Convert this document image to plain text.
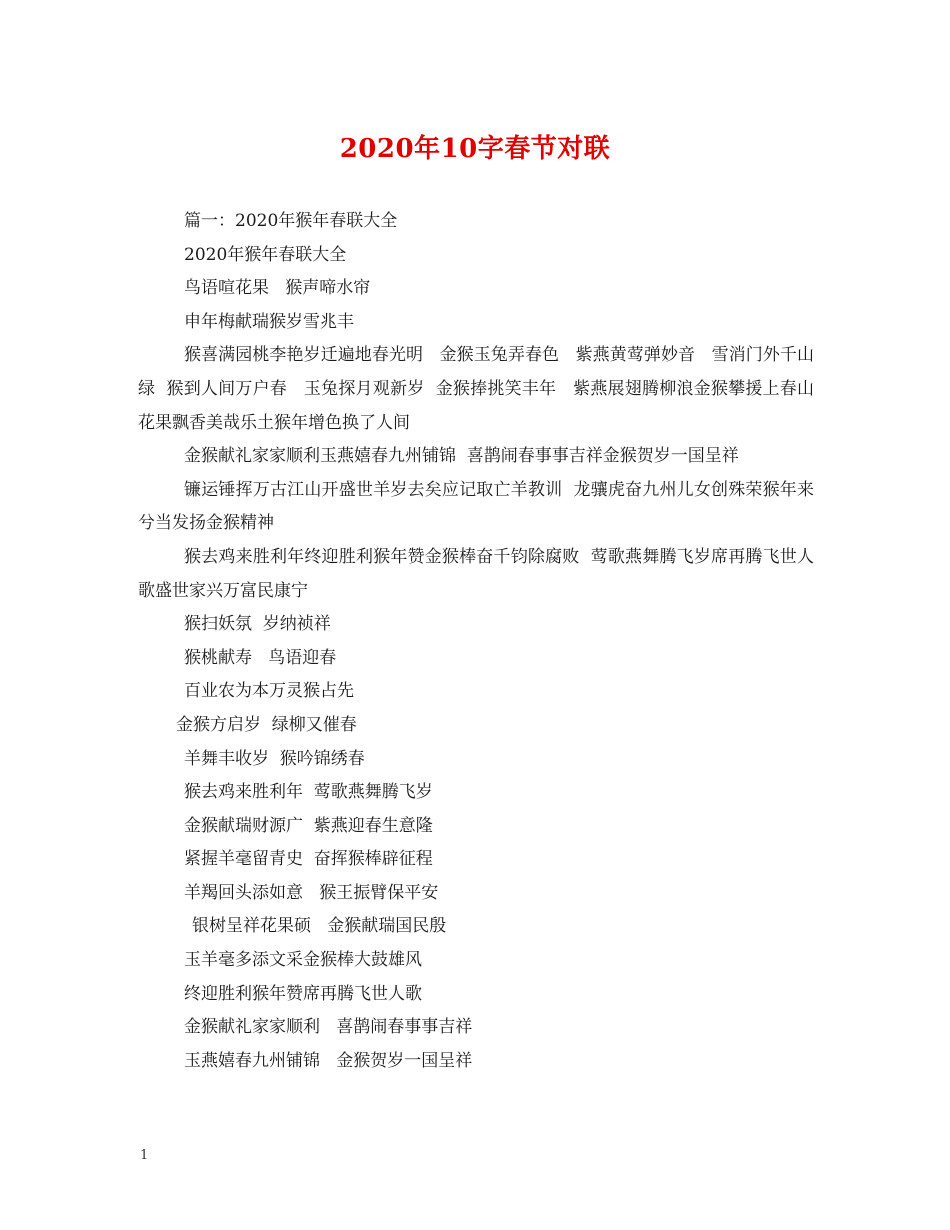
2020年10字春节对联

篇一：2020年猴年春联大全

2020年猴年春联大全

鸟语喧花果   猴声啼水帘

申年梅献瑞猴岁雪兆丰

猴喜满园桃李艳岁迁遍地春光明   金猴玉兔弄春色   紫燕黄莺弹妙音   雪消门外千山绿  猴到人间万户春   玉兔探月观新岁  金猴捧挑笑丰年   紫燕展翅腾柳浪金猴攀援上春山   花果飘香美哉乐土猴年增色换了人间

金猴献礼家家顺利玉燕嬉春九州铺锦  喜鹊闹春事事吉祥金猴贺岁一国呈祥

镰运锤挥万古江山开盛世羊岁去矣应记取亡羊教训  龙骧虎奋九州儿女创殊荣猴年来兮当发扬金猴精神

猴去鸡来胜利年终迎胜利猴年赞金猴棒奋千钧除腐败  莺歌燕舞腾飞岁席再腾飞世人歌盛世家兴万富民康宁

猴扫妖氛  岁纳祯祥

猴桃献寿   鸟语迎春

百业农为本万灵猴占先

金猴方启岁  绿柳又催春

羊舞丰收岁  猴吟锦绣春

猴去鸡来胜利年  莺歌燕舞腾飞岁

金猴献瑞财源广  紫燕迎春生意隆

紧握羊毫留青史  奋挥猴棒辟征程

羊羯回头添如意   猴王振臂保平安

银树呈祥花果硕   金猴献瑞国民殷

玉羊毫多添文采金猴棒大鼓雄风

终迎胜利猴年赞席再腾飞世人歌

金猴献礼家家顺利   喜鹊闹春事事吉祥

玉燕嬉春九州铺锦   金猴贺岁一国呈祥

1
